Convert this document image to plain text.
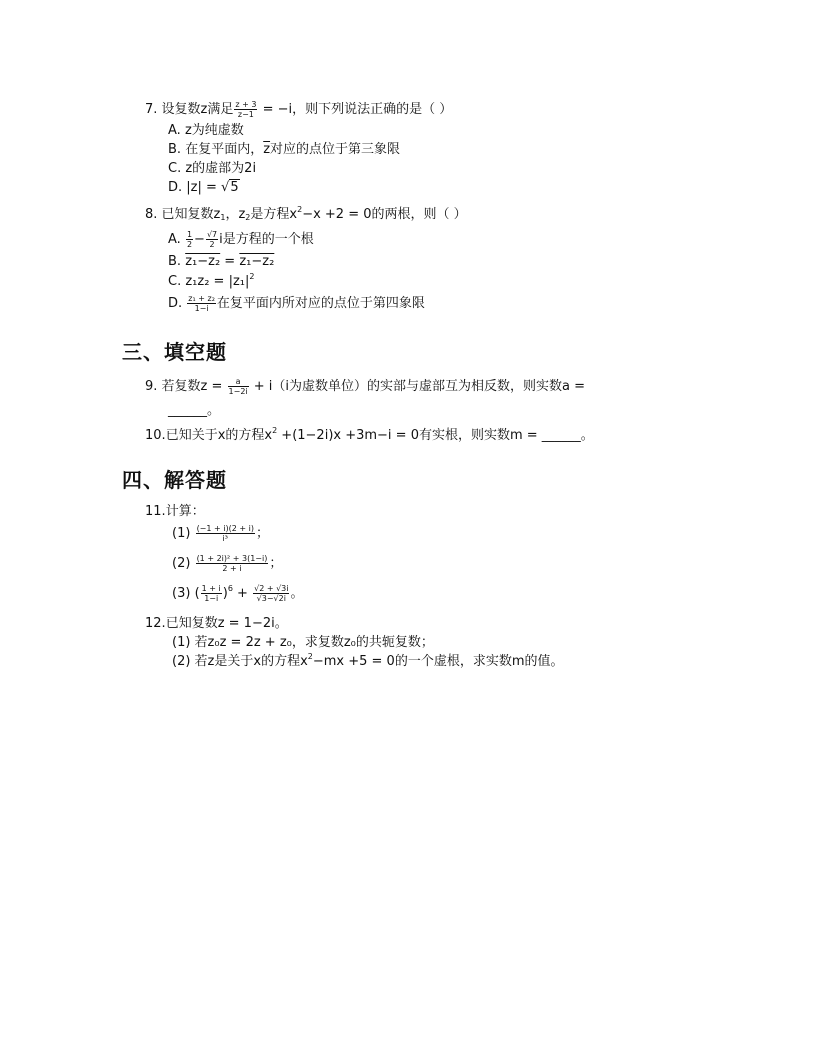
7. 设复数z满足 $\frac{z + 3}{z-1} = -i$，则下列说法正确的是（ ）
A. z为纯虚数
B. 在复平面内，$\overline{z}$对应的点位于第三象限
C. z的虚部为2i
D. |z| = √5
8. 已知复数$z_1$，$z_2$是方程$x^2-x +2 = 0$的两根，则（ ）
A. $\frac{1}{2} - \frac{√7}{2}$ i是方程的一个根
B. z₁−z₂ = z₁−z₂
C. $z_1z_2 = |z_1|^2$
D. $\frac{\text{z₁ + z₂}}{1-i}$ 在复平面内所对应的点位于第四象限
三、填空题
9. 若复数$z = \frac{a}{1-2i} + i(i$为虚数单位）的实部与虚部互为相反数，则实数a =
______。
10.已知关于x的方程$x^2 +(1-2i)x +3m-i = 0$有实根，则实数m = ______。
四、解答题
11.计算：
$(1) \frac{(-1 + i)(2 + i)}{\text{i³}}$ ；
$(2) \frac{\text{(1 + 2i)² + 3(1−i)}}{2 + i}$ ；
(3) ( $\frac{1 + i}{1-i} )^6 + \frac{√2 + √3i}{√3-√2i}$ 。
12.已知复数z = 1−2i。
(1) 若z₀z = 2z + z₀，求复数z₀的共轭复数；
(2) 若z是关于x的方程$x^2-mx +5 = 0$的一个虚根，求实数m的值。
